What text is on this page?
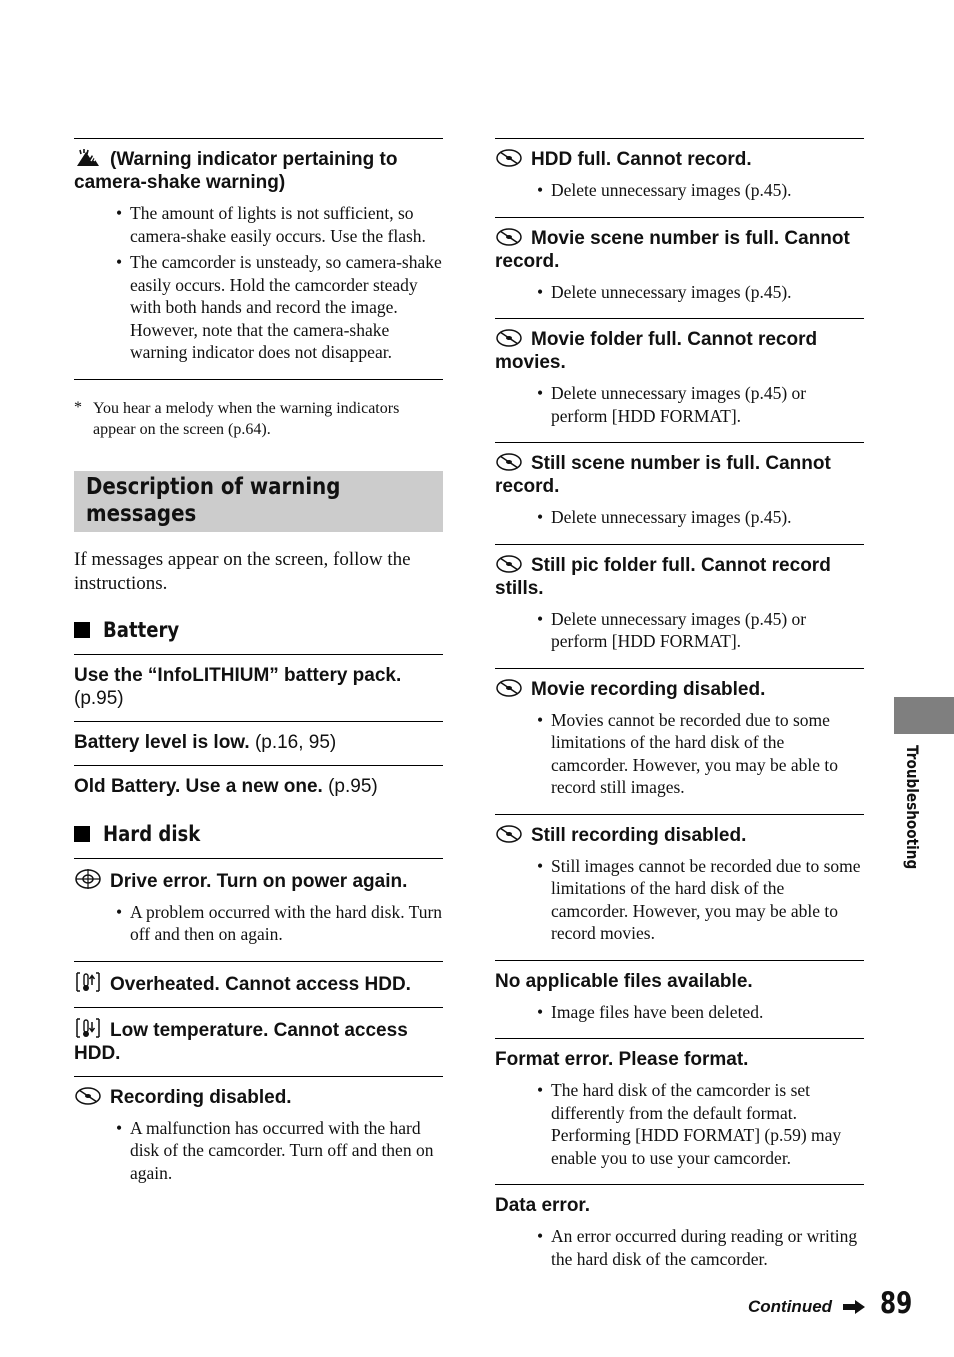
(Warning indicator pertaining to camera-shake warning)

• The amount of lights is not sufficient, so camera-shake easily occurs. Use the flash.
• The camcorder is unsteady, so camera-shake easily occurs. Hold the camcorder steady with both hands and record the image. However, note that the camera-shake warning indicator does not disappear.
* You hear a melody when the warning indicators appear on the screen (p.64).
Description of warning
messages

If messages appear on the screen, follow the instructions.

Battery

Use the “InfoLITHIUM” battery pack.
(p.95)

Battery level is low. (p.16, 95)

Old Battery. Use a new one. (p.95)

Hard disk

Drive error. Turn on power again.

• A problem occurred with the hard disk. Turn off and then on again.

Overheated. Cannot access HDD.

Low temperature. Cannot access HDD.

Recording disabled.

• A malfunction has occurred with the hard disk of the camcorder. Turn off and then on again.

HDD full. Cannot record.

• Delete unnecessary images (p.45).

Movie scene number is full. Cannot record.

• Delete unnecessary images (p.45).

Movie folder full. Cannot record movies.

• Delete unnecessary images (p.45) or perform [HDD FORMAT].

Still scene number is full. Cannot record.

• Delete unnecessary images (p.45).

Still pic folder full. Cannot record stills.

• Delete unnecessary images (p.45) or perform [HDD FORMAT].

Movie recording disabled.

• Movies cannot be recorded due to some limitations of the hard disk of the camcorder. However, you may be able to record still images.

Still recording disabled.

• Still images cannot be recorded due to some limitations of the hard disk of the camcorder. However, you may be able to record movies.

No applicable files available.

• Image files have been deleted.

Format error. Please format.

• The hard disk of the camcorder is set differently from the default format. Performing [HDD FORMAT] (p.59) may enable you to use your camcorder.

Data error.

• An error occurred during reading or writing the hard disk of the camcorder.
Troubleshooting
Continued 89
